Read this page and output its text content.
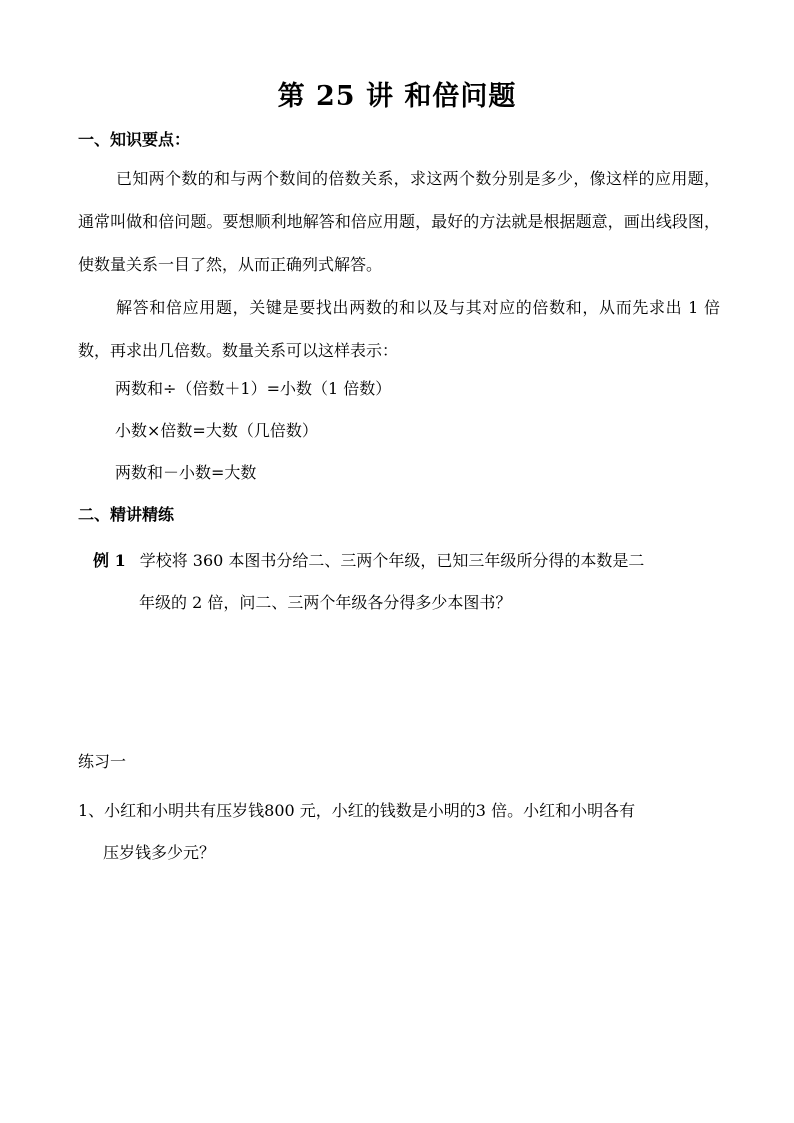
第 25 讲 和倍问题
一、知识要点：
已知两个数的和与两个数间的倍数关系，求这两个数分别是多少，像这样的应用题，通常叫做和倍问题。要想顺利地解答和倍应用题，最好的方法就是根据题意，画出线段图，使数量关系一目了然，从而正确列式解答。
解答和倍应用题，关键是要找出两数的和以及与其对应的倍数和，从而先求出 1 倍数，再求出几倍数。数量关系可以这样表示：
两数和÷（倍数＋1）=小数（1 倍数）
小数×倍数=大数（几倍数）
两数和－小数=大数
二、精讲精练
例 1 学校将 360 本图书分给二、三两个年级，已知三年级所分得的本数是二
年级的 2 倍，问二、三两个年级各分得多少本图书？
练习一
1、小红和小明共有压岁钱800 元，小红的钱数是小明的3 倍。小红和小明各有
压岁钱多少元？
